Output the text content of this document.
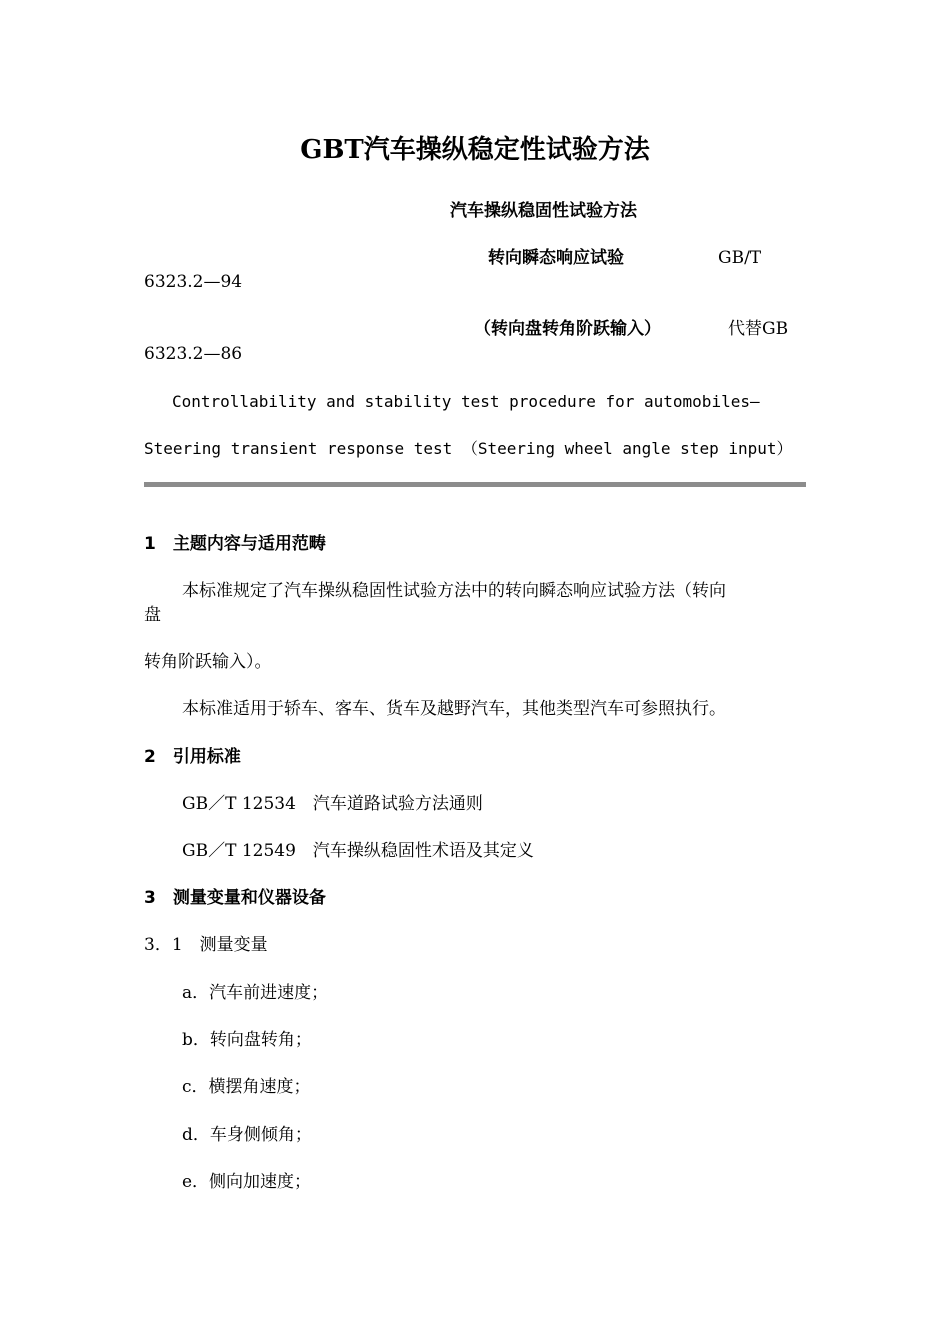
GBT汽车操纵稳定性试验方法
汽车操纵稳固性试验方法
转向瞬态响应试验	GB/T
6323.2—94
（转向盘转角阶跃输入）	代替GB
6323.2—86
Controllability and stability test procedure for automobiles—
Steering transient response test （Steering wheel angle step input）
1　主题内容与适用范畴
本标准规定了汽车操纵稳固性试验方法中的转向瞬态响应试验方法（转向
盘
转角阶跃输入）。
本标准适用于轿车、客车、货车及越野汽车，其他类型汽车可参照执行。
2　引用标准
GB／T 12534　汽车道路试验方法通则
GB／T 12549　汽车操纵稳固性术语及其定义
3　测量变量和仪器设备
3．1　测量变量
a．汽车前进速度；
b．转向盘转角；
c．横摆角速度；
d．车身侧倾角；
e．侧向加速度；
